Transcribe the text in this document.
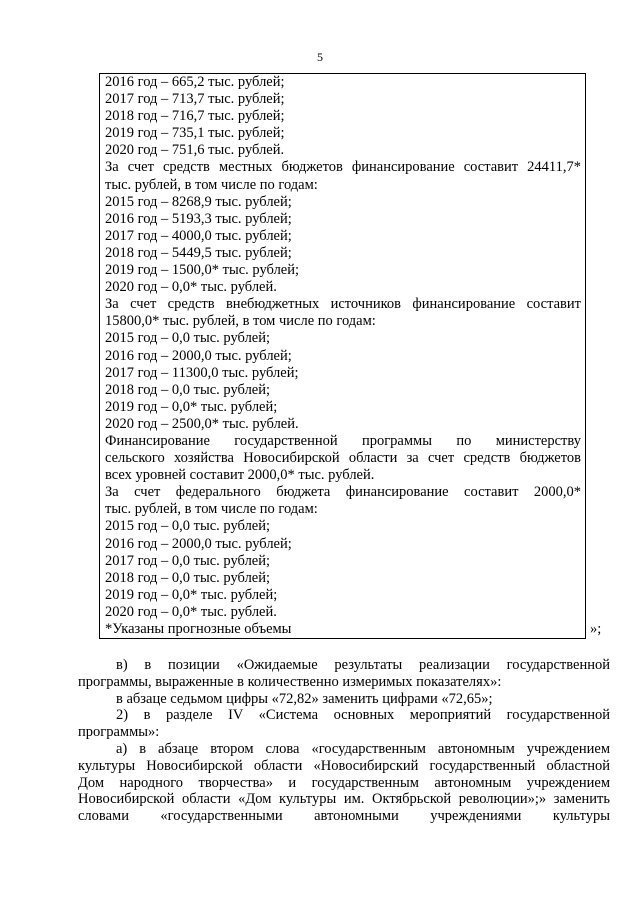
5
2016 год – 665,2 тыс. рублей;
2017 год – 713,7 тыс. рублей;
2018 год – 716,7 тыс. рублей;
2019 год – 735,1 тыс. рублей;
2020 год – 751,6 тыс. рублей.
За счет средств местных бюджетов финансирование составит 24411,7*
тыс. рублей, в том числе по годам:
2015 год – 8268,9 тыс. рублей;
2016 год – 5193,3 тыс. рублей;
2017 год – 4000,0 тыс. рублей;
2018 год – 5449,5 тыс. рублей;
2019 год – 1500,0* тыс. рублей;
2020 год – 0,0* тыс. рублей.
За счет средств внебюджетных источников финансирование составит
15800,0* тыс. рублей, в том числе по годам:
2015 год – 0,0 тыс. рублей;
2016 год – 2000,0 тыс. рублей;
2017 год – 11300,0 тыс. рублей;
2018 год – 0,0 тыс. рублей;
2019 год – 0,0* тыс. рублей;
2020 год – 2500,0* тыс. рублей.
Финансирование государственной программы по министерству
сельского хозяйства Новосибирской области за счет средств бюджетов
всех уровней составит 2000,0* тыс. рублей.
За счет федерального бюджета финансирование составит 2000,0*
тыс. рублей, в том числе по годам:
2015 год – 0,0 тыс. рублей;
2016 год – 2000,0 тыс. рублей;
2017 год – 0,0 тыс. рублей;
2018 год – 0,0 тыс. рублей;
2019 год – 0,0* тыс. рублей;
2020 год – 0,0* тыс. рублей.
*Указаны прогнозные объемы	»;
в) в позиции «Ожидаемые результаты реализации государственной
программы, выраженные в количественно измеримых показателях»:
в абзаце седьмом цифры «72,82» заменить цифрами «72,65»;
2) в разделе IV «Система основных мероприятий государственной
программы»:
а) в абзаце втором слова «государственным автономным учреждением
культуры Новосибирской области «Новосибирский государственный областной
Дом народного творчества» и государственным автономным учреждением
Новосибирской области «Дом культуры им. Октябрьской революции»;» заменить
словами «государственными автономными учреждениями культуры
